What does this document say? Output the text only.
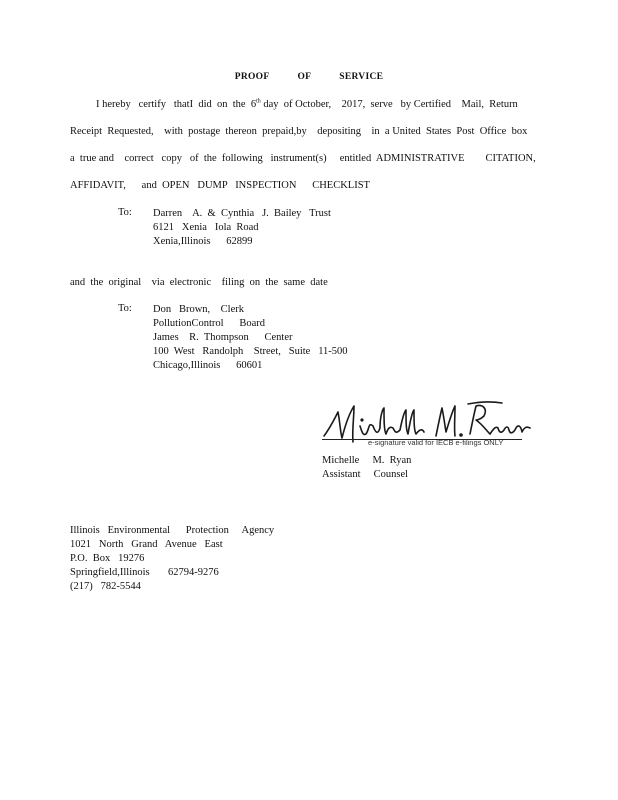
PROOF	OF	SERVICE
I hereby   certify   thatI  did  on  the  6th day  of October,    2017,  serve   by Certified    Mail,  Return
Receipt  Requested,    with  postage  thereon  prepaid,by    depositing    in  a United  States  Post  Office  box
a  true and    correct   copy   of  the  following   instrument(s)     entitled  ADMINISTRATIVE        CITATION,
AFFIDAVIT,      and  OPEN   DUMP   INSPECTION      CHECKLIST
To: Darren    A.  &  Cynthia   J.  Bailey   Trust
6121   Xenia   Iola  Road
Xenia,Illinois      62899
and  the  original    via  electronic    filing  on  the  same  date
To: Don   Brown,    Clerk
PollutionControl      Board
James    R.  Thompson      Center
100  West   Randolph    Street,   Suite   11-500
Chicago,Illinois      60601
e-signature valid for IECB e-filings ONLY
Michelle     M.  Ryan
Assistant     Counsel
Illinois   Environmental      Protection     Agency
1021   North   Grand   Avenue   East
P.O.  Box   19276
Springfield,Illinois       62794-9276
(217)   782-5544
